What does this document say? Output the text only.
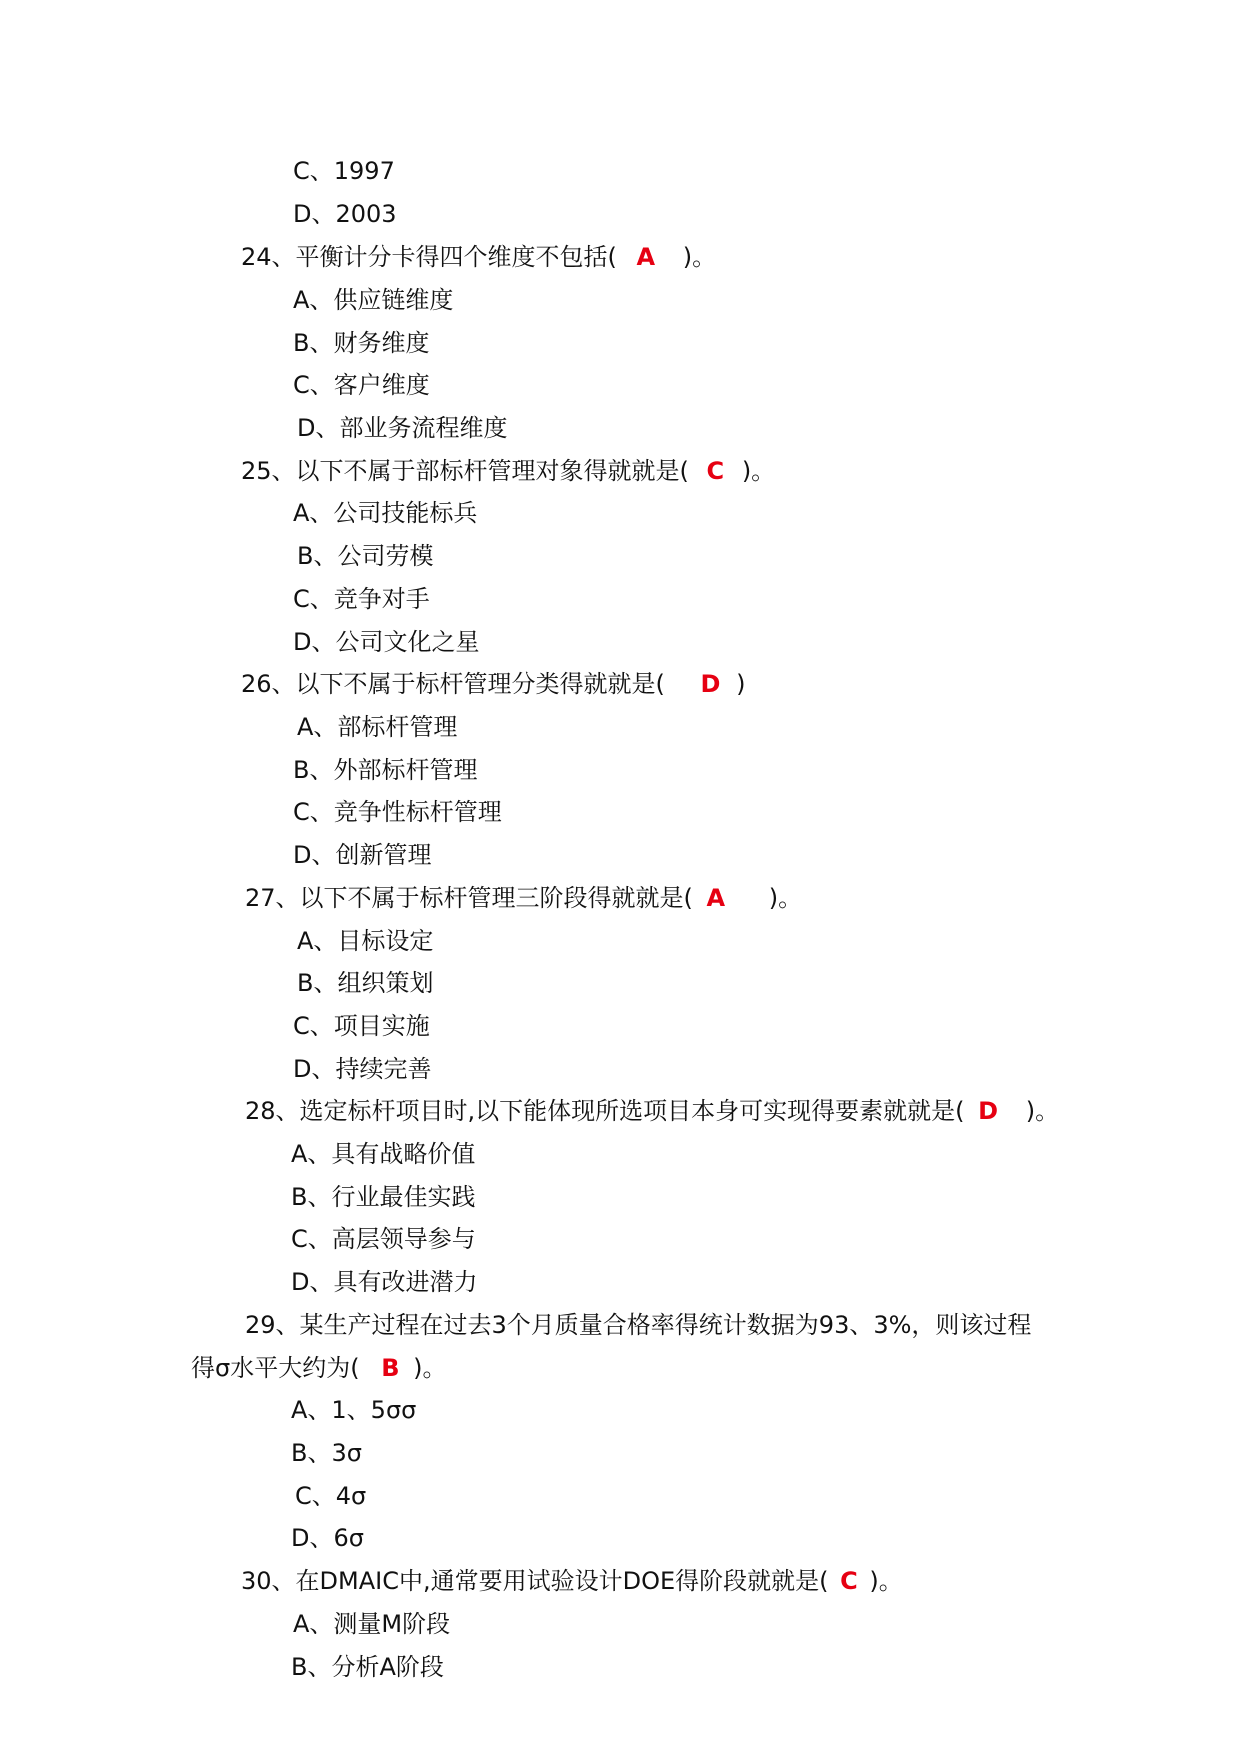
C、1997
D、2003
24、平衡计分卡得四个维度不包括( A )。
A、供应链维度
B、财务维度
C、客户维度
D、部业务流程维度
25、以下不属于部标杆管理对象得就就是( C )。
A、公司技能标兵
B、公司劳模
C、竞争对手
D、公司文化之星
26、以下不属于标杆管理分类得就就是( D )
A、部标杆管理
B、外部标杆管理
C、竞争性标杆管理
D、创新管理
27、以下不属于标杆管理三阶段得就就是( A )。
A、目标设定
B、组织策划
C、项目实施
D、持续完善
28、选定标杆项目时,以下能体现所选项目本身可实现得要素就就是( D )。
A、具有战略价值
B、行业最佳实践
C、高层领导参与
D、具有改进潜力
29、某生产过程在过去3个月质量合格率得统计数据为93、3%，则该过程
得σ水平大约为( B )。
A、1、5σσ
B、3σ
C、4σ
D、6σ
30、在DMAIC中,通常要用试验设计DOE得阶段就就是( C )。
A、测量M阶段
B、分析A阶段
